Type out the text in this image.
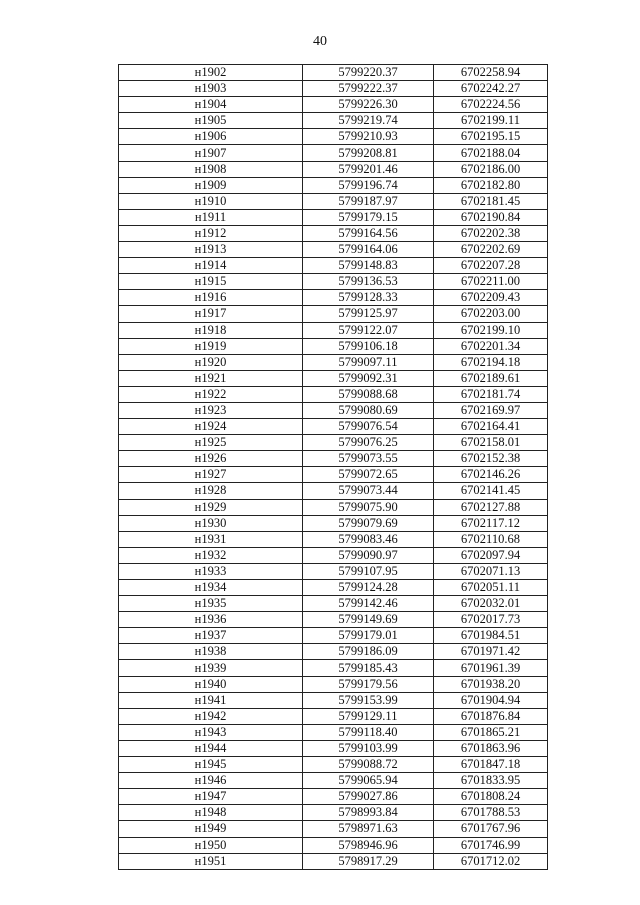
40
н1902	5799220.37	6702258.94
н1903	5799222.37	6702242.27
н1904	5799226.30	6702224.56
н1905	5799219.74	6702199.11
н1906	5799210.93	6702195.15
н1907	5799208.81	6702188.04
н1908	5799201.46	6702186.00
н1909	5799196.74	6702182.80
н1910	5799187.97	6702181.45
н1911	5799179.15	6702190.84
н1912	5799164.56	6702202.38
н1913	5799164.06	6702202.69
н1914	5799148.83	6702207.28
н1915	5799136.53	6702211.00
н1916	5799128.33	6702209.43
н1917	5799125.97	6702203.00
н1918	5799122.07	6702199.10
н1919	5799106.18	6702201.34
н1920	5799097.11	6702194.18
н1921	5799092.31	6702189.61
н1922	5799088.68	6702181.74
н1923	5799080.69	6702169.97
н1924	5799076.54	6702164.41
н1925	5799076.25	6702158.01
н1926	5799073.55	6702152.38
н1927	5799072.65	6702146.26
н1928	5799073.44	6702141.45
н1929	5799075.90	6702127.88
н1930	5799079.69	6702117.12
н1931	5799083.46	6702110.68
н1932	5799090.97	6702097.94
н1933	5799107.95	6702071.13
н1934	5799124.28	6702051.11
н1935	5799142.46	6702032.01
н1936	5799149.69	6702017.73
н1937	5799179.01	6701984.51
н1938	5799186.09	6701971.42
н1939	5799185.43	6701961.39
н1940	5799179.56	6701938.20
н1941	5799153.99	6701904.94
н1942	5799129.11	6701876.84
н1943	5799118.40	6701865.21
н1944	5799103.99	6701863.96
н1945	5799088.72	6701847.18
н1946	5799065.94	6701833.95
н1947	5799027.86	6701808.24
н1948	5798993.84	6701788.53
н1949	5798971.63	6701767.96
н1950	5798946.96	6701746.99
н1951	5798917.29	6701712.02
